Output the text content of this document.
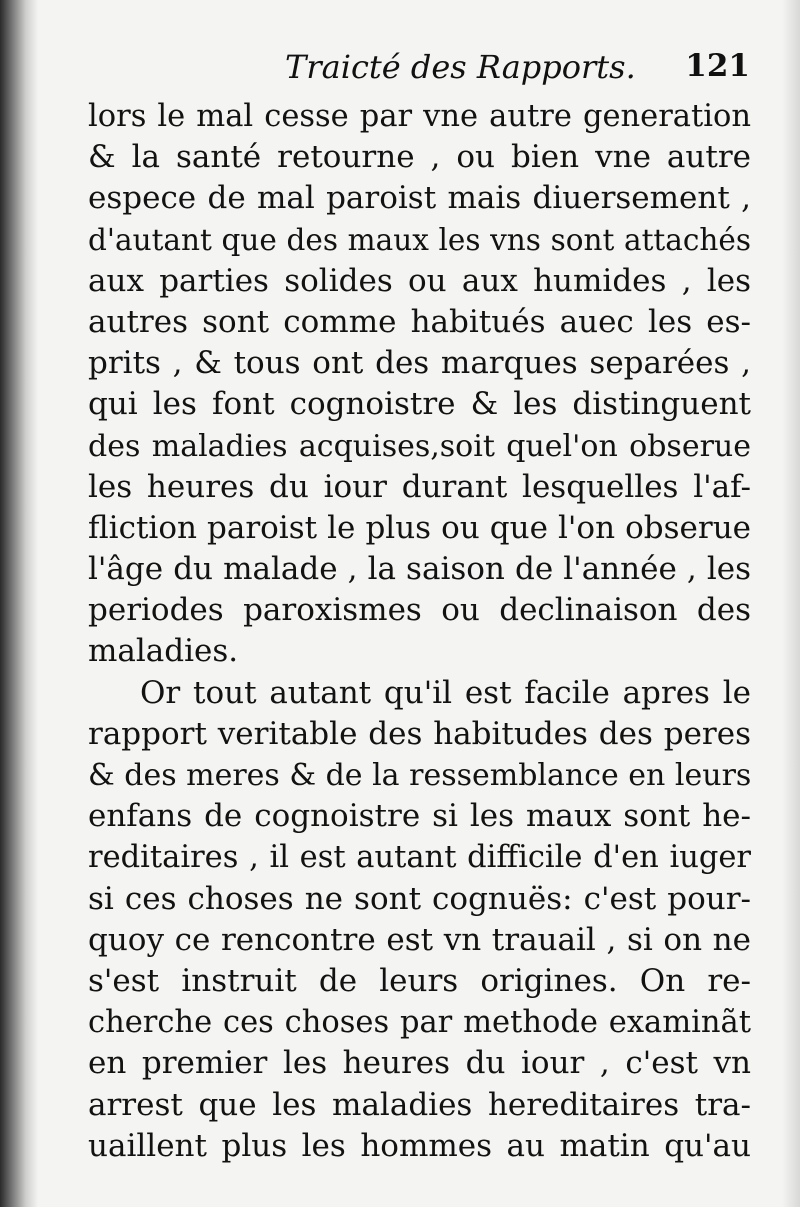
Traicté des Rapports. 121
lors le mal cesse par vne autre generation
& la santé retourne , ou bien vne autre
espece de mal paroist mais diuersement ,
d'autant que des maux les vns sont attachés
aux parties solides ou aux humides , les
autres sont comme habitués auec les es-
prits , & tous ont des marques separées ,
qui les font cognoistre & les distinguent
des maladies acquises,soit quel'on obserue
les heures du iour durant lesquelles l'af-
fliction paroist le plus ou que l'on obserue
l'âge du malade , la saison de l'année , les
periodes paroxismes ou declinaison des
maladies.
Or tout autant qu'il est facile apres le
rapport veritable des habitudes des peres
& des meres & de la ressemblance en leurs
enfans de cognoistre si les maux sont he-
reditaires , il est autant difficile d'en iuger
si ces choses ne sont cognuës: c'est pour-
quoy ce rencontre est vn trauail , si on ne
s'est instruit de leurs origines. On re-
cherche ces choses par methode examinãt
en premier les heures du iour , c'est vn
arrest que les maladies hereditaires tra-
uaillent plus les hommes au matin qu'au
